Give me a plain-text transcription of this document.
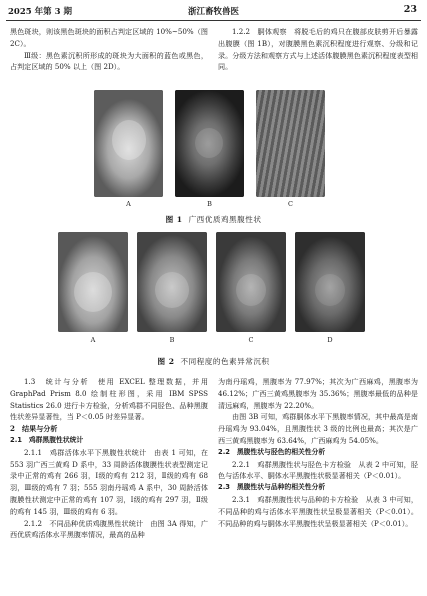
2025 年第 3 期	浙江畜牧兽医	23

黑色斑块，则该黑色斑块的面积占判定区域的 10%~50%（图 2C）。

Ⅲ级：黑色素沉积所形成的斑块为大面积的蓝色或黑色，占判定区域的 50% 以上（图 2D）。

1.2.2　胴体观察　将脱毛后的鸡只在腹部皮肤剪开后暴露出腹膜（图 1B），对腹膜黑色素沉积程度进行观察、分级和记录。分级方法和观察方式与上述活体腹膜黑色素沉积程度表型相同。

A	B	C
图 1 广西优质鸡黑腹性状
A	B	C	D
图 2 不同程度的色素异常沉积

1.3　统计与分析　使用 EXCEL 整理数据，并用 GraphPad Prism 8.0 绘制柱形图，采用 IBM SPSS Statistics 26.0 进行卡方检验，分析鸡群不同胫色、品种黑腹性状差异显著性，当 P＜0.05 时差异显著。

2　结果与分析

2.1　鸡群黑腹性状统计

2.1.1　鸡群活体水平下黑腹性状统计　由表 1 可知，在 553 羽广西三黄鸡 D 系中，33 周龄活体腹膜性状表型测定记录中正常的鸡有 266 羽，Ⅰ级的鸡有 212 羽，Ⅱ级的鸡有 68 羽，Ⅲ级的鸡有 7 羽；555 羽南丹瑶鸡 A 系中，30 周龄活体腹膜性状测定中正常的鸡有 107 羽，Ⅰ级的鸡有 297 羽，Ⅱ级的鸡有 145 羽，Ⅲ级的鸡有 6 羽。

2.1.2　不同品种优质鸡腹黑性状统计　由图 3A 得知，广西优质鸡活体水平黑腹率情况，最高的品种

为南丹瑶鸡，黑腹率为 77.97%；其次为广西麻鸡，黑腹率为 46.12%；广西三黄鸡黑腹率为 35.36%；黑腹率最低的品种是清远麻鸡，黑腹率为 22.20%。

由图 3B 可知，鸡群胴体水平下黑腹率情况，其中最高是南丹瑶鸡为 93.04%，且黑腹性状 3 级的比例也最高；其次是广西三黄鸡黑腹率为 63.64%，广西麻鸡为 54.05%。

2.2　黑腹性状与胫色的相关性分析

2.2.1　鸡群黑腹性状与胫色卡方检验　从表 2 中可知，胫色与活体水平、胴体水平黑腹性状极显著相关（P＜0.01）。

2.3　黑腹性状与品种的相关性分析

2.3.1　鸡群黑腹性状与品种的卡方检验　从表 3 中可知，不同品种的鸡与活体水平黑腹性状呈极显著相关（P＜0.01）。不同品种的鸡与胴体水平黑腹性状呈极显著相关（P＜0.01）。
